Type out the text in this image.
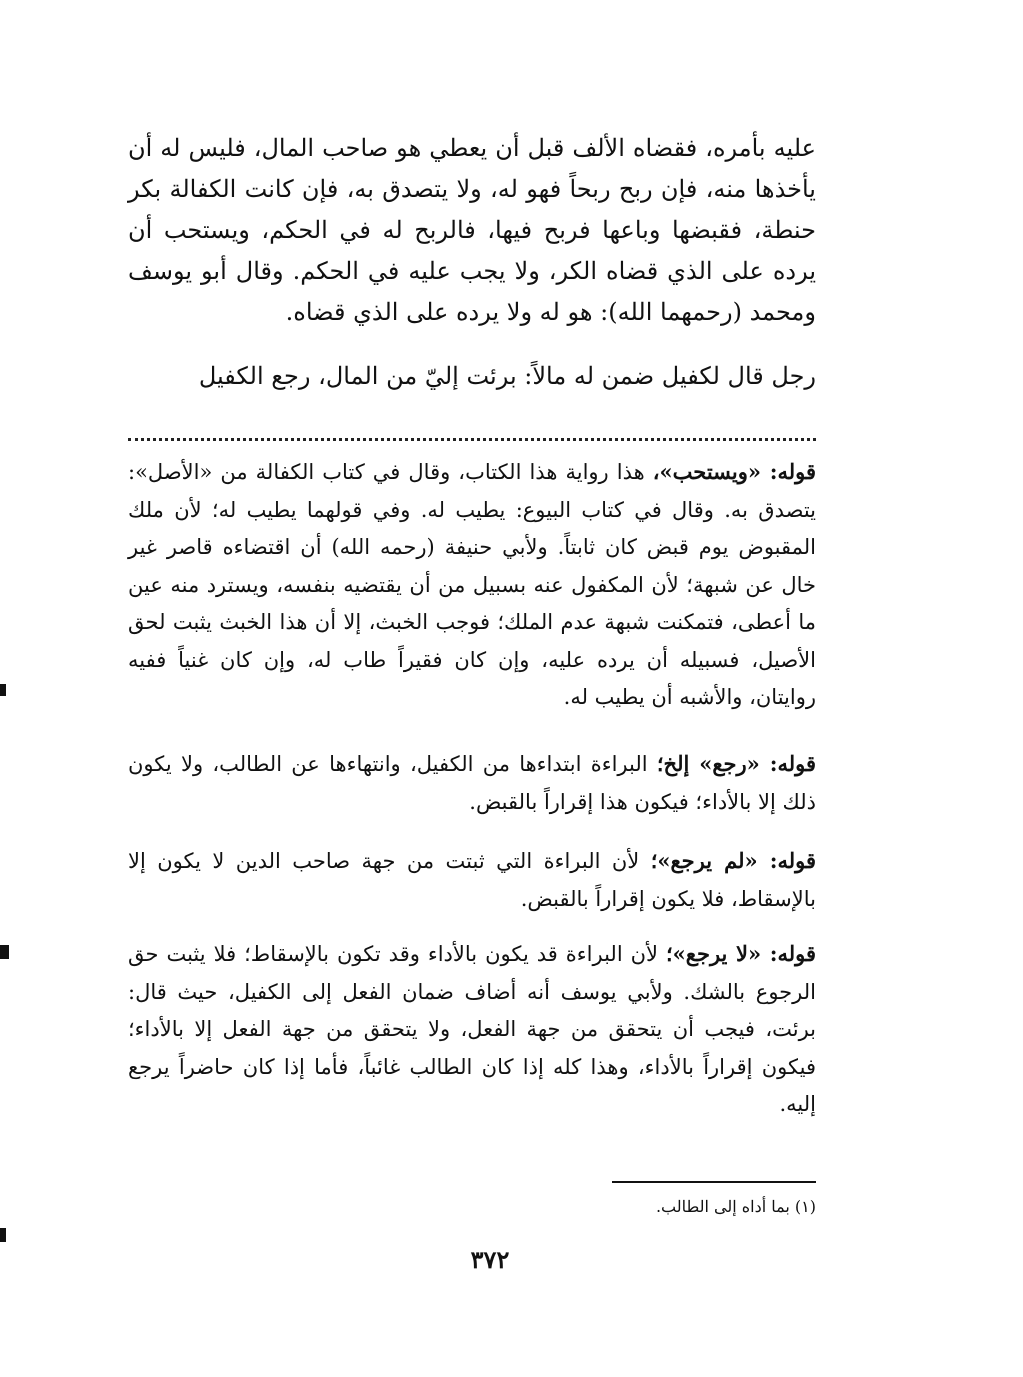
عليه بأمره، فقضاه الألف قبل أن يعطي هو صاحب المال، فليس له أن يأخذها منه، فإن ربح ربحاً فهو له، ولا يتصدق به، فإن كانت الكفالة بكر حنطة، فقبضها وباعها فربح فيها، فالربح له في الحكم، ويستحب أن يرده على الذي قضاه الكر، ولا يجب عليه في الحكم. وقال أبو يوسف ومحمد (رحمهما الله): هو له ولا يرده على الذي قضاه.
رجل قال لكفيل ضمن له مالاً: برئت إليّ من المال، رجع الكفيل

قوله: «ويستحب»، هذا رواية هذا الكتاب، وقال في كتاب الكفالة من «الأصل»: يتصدق به. وقال في كتاب البيوع: يطيب له. وفي قولهما يطيب له؛ لأن ملك المقبوض يوم قبض كان ثابتاً. ولأبي حنيفة (رحمه الله) أن اقتضاءه قاصر غير خال عن شبهة؛ لأن المكفول عنه بسبيل من أن يقتضيه بنفسه، ويسترد منه عين ما أعطى، فتمكنت شبهة عدم الملك؛ فوجب الخبث، إلا أن هذا الخبث يثبت لحق الأصيل، فسبيله أن يرده عليه، وإن كان فقيراً طاب له، وإن كان غنياً ففيه روايتان، والأشبه أن يطيب له.

قوله: «رجع» إلخ؛ البراءة ابتداءها من الكفيل، وانتهاءها عن الطالب، ولا يكون ذلك إلا بالأداء؛ فيكون هذا إقراراً بالقبض.

قوله: «لم يرجع»؛ لأن البراءة التي ثبتت من جهة صاحب الدين لا يكون إلا بالإسقاط، فلا يكون إقراراً بالقبض.

قوله: «لا يرجع»؛ لأن البراءة قد يكون بالأداء وقد تكون بالإسقاط؛ فلا يثبت حق الرجوع بالشك. ولأبي يوسف أنه أضاف ضمان الفعل إلى الكفيل، حيث قال: برئت، فيجب أن يتحقق من جهة الفعل، ولا يتحقق من جهة الفعل إلا بالأداء؛ فيكون إقراراً بالأداء، وهذا كله إذا كان الطالب غائباً، فأما إذا كان حاضراً يرجع إليه.

(١) بما أداه إلى الطالب.

٣٧٢
